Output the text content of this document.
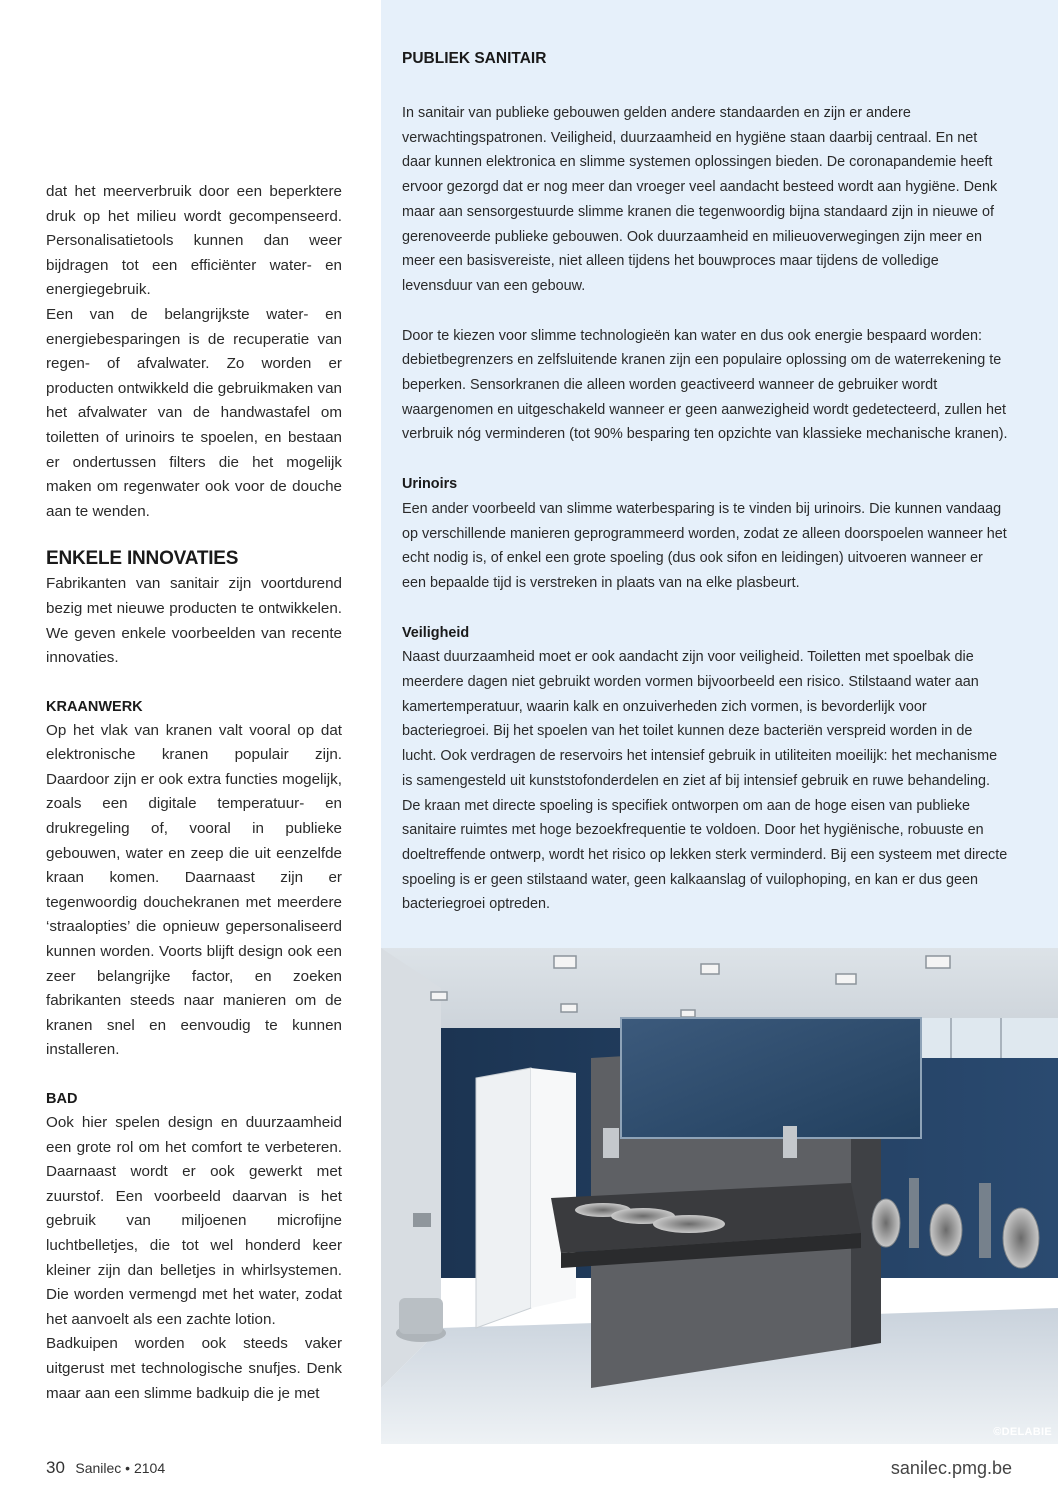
dat het meerverbruik door een beperktere druk op het milieu wordt gecompenseerd. Personalisatietools kunnen dan weer bijdragen tot een efficiënter water- en energiegebruik.

Een van de belangrijkste water- en energiebesparingen is de recuperatie van regen- of afvalwater. Zo worden er producten ontwikkeld die gebruikmaken van het afvalwater van de handwastafel om toiletten of urinoirs te spoelen, en bestaan er ondertussen filters die het mogelijk maken om regenwater ook voor de douche aan te wenden.

ENKELE INNOVATIES

Fabrikanten van sanitair zijn voortdurend bezig met nieuwe producten te ontwikkelen. We geven enkele voorbeelden van recente innovaties.

KRAANWERK

Op het vlak van kranen valt vooral op dat elektronische kranen populair zijn. Daardoor zijn er ook extra functies mogelijk, zoals een digitale temperatuur- en drukregeling of, vooral in publieke gebouwen, water en zeep die uit eenzelfde kraan komen. Daarnaast zijn er tegenwoordig douchekranen met meerdere ‘straalopties’ die opnieuw gepersonaliseerd kunnen worden. Voorts blijft design ook een zeer belangrijke factor, en zoeken fabrikanten steeds naar manieren om de kranen snel en eenvoudig te kunnen installeren.

BAD

Ook hier spelen design en duurzaamheid een grote rol om het comfort te verbeteren. Daarnaast wordt er ook gewerkt met zuurstof. Een voorbeeld daarvan is het gebruik van miljoenen microfijne luchtbelletjes, die tot wel honderd keer kleiner zijn dan belletjes in whirlsystemen. Die worden vermengd met het water, zodat het aanvoelt als een zachte lotion.

Badkuipen worden ook steeds vaker uitgerust met technologische snufjes. Denk maar aan een slimme badkuip die je met

PUBLIEK SANITAIR

In sanitair van publieke gebouwen gelden andere standaarden en zijn er andere verwachtingspatronen. Veiligheid, duurzaamheid en hygiëne staan daarbij centraal. En net daar kunnen elektronica en slimme systemen oplossingen bieden. De coronapandemie heeft ervoor gezorgd dat er nog meer dan vroeger veel aandacht besteed wordt aan hygiëne. Denk maar aan sensorgestuurde slimme kranen die tegenwoordig bijna standaard zijn in nieuwe of gerenoveerde publieke gebouwen. Ook duurzaamheid en milieuoverwegingen zijn meer en meer een basisvereiste, niet alleen tijdens het bouwproces maar tijdens de volledige levensduur van een gebouw.

Door te kiezen voor slimme technologieën kan water en dus ook energie bespaard worden: debietbegrenzers en zelfsluitende kranen zijn een populaire oplossing om de waterrekening te beperken. Sensorkranen die alleen worden geactiveerd wanneer de gebruiker wordt waargenomen en uitgeschakeld wanneer er geen aanwezigheid wordt gedetecteerd, zullen het verbruik nóg verminderen (tot 90% besparing ten opzichte van klassieke mechanische kranen).

Urinoirs

Een ander voorbeeld van slimme waterbesparing is te vinden bij urinoirs. Die kunnen vandaag op verschillende manieren geprogrammeerd worden, zodat ze alleen doorspoelen wanneer het echt nodig is, of enkel een grote spoeling (dus ook sifon en leidingen) uitvoeren wanneer er een bepaalde tijd is verstreken in plaats van na elke plasbeurt.

Veiligheid

Naast duurzaamheid moet er ook aandacht zijn voor veiligheid. Toiletten met spoelbak die meerdere dagen niet gebruikt worden vormen bijvoorbeeld een risico. Stilstaand water aan kamertemperatuur, waarin kalk en onzuiverheden zich vormen, is bevorderlijk voor bacteriegroei. Bij het spoelen van het toilet kunnen deze bacteriën verspreid worden in de lucht. Ook verdragen de reservoirs het intensief gebruik in utiliteiten moeilijk: het mechanisme is samengesteld uit kunststofonderdelen en ziet af bij intensief gebruik en ruwe behandeling. De kraan met directe spoeling is specifiek ontworpen om aan de hoge eisen van publieke sanitaire ruimtes met hoge bezoekfrequentie te voldoen. Door het hygiënische, robuuste en doeltreffende ontwerp, wordt het risico op lekken sterk verminderd. Bij een systeem met directe spoeling is er geen stilstaand water, geen kalkaanslag of vuilophoping, en kan er dus geen bacteriegroei optreden.

©DELABIE
30 Sanilec • 2104	sanilec.pmg.be
